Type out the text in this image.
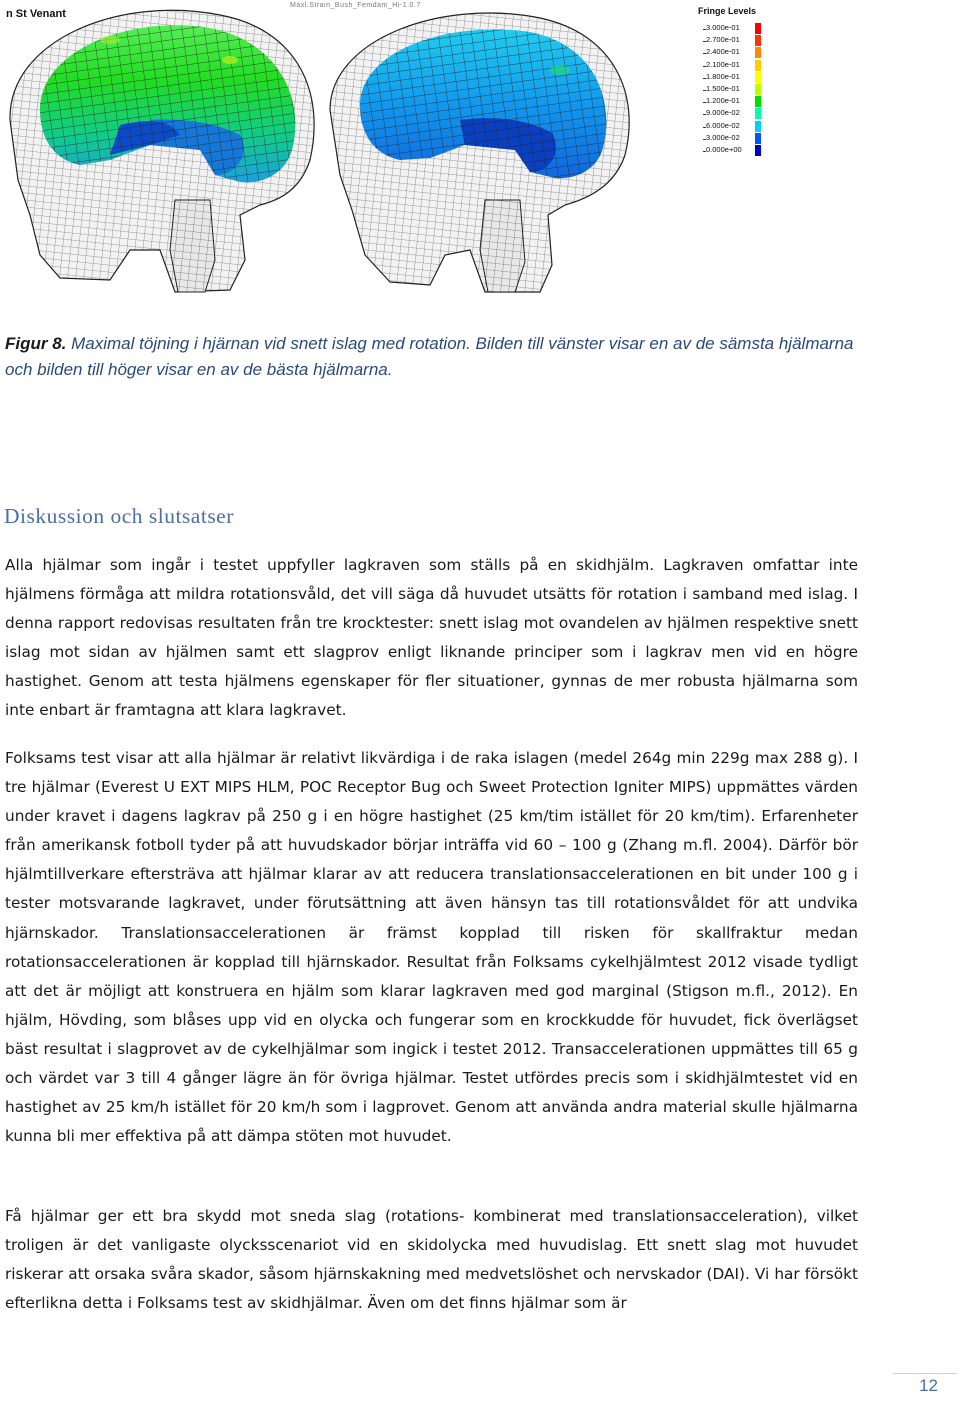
n St Venant
Maxl.Strain_Bush_Femdam_Hi-1.0.7
Fringe Levels
3.000e-01
2.700e-01
2.400e-01
2.100e-01
1.800e-01
1.500e-01
1.200e-01
9.000e-02
6.000e-02
3.000e-02
0.000e+00
Figur 8. Maximal töjning i hjärnan vid snett islag med rotation. Bilden till vänster visar en av de sämsta hjälmarna och bilden till höger visar en av de bästa hjälmarna.
Diskussion och slutsatser
Alla hjälmar som ingår i testet uppfyller lagkraven som ställs på en skidhjälm. Lagkraven omfattar inte hjälmens förmåga att mildra rotationsvåld, det vill säga då huvudet utsätts för rotation i samband med islag. I denna rapport redovisas resultaten från tre krocktester: snett islag mot ovandelen av hjälmen respektive snett islag mot sidan av hjälmen samt ett slagprov enligt liknande principer som i lagkrav men vid en högre hastighet. Genom att testa hjälmens egenskaper för fler situationer, gynnas de mer robusta hjälmarna som inte enbart är framtagna att klara lagkravet.
Folksams test visar att alla hjälmar är relativt likvärdiga i de raka islagen (medel 264g min 229g max 288 g). I tre hjälmar (Everest U EXT MIPS HLM, POC Receptor Bug och Sweet Protection Igniter MIPS) uppmättes värden under kravet i dagens lagkrav på 250 g i en högre hastighet (25 km/tim istället för 20 km/tim). Erfarenheter från amerikansk fotboll tyder på att huvudskador börjar inträffa vid 60 – 100 g (Zhang m.fl. 2004). Därför bör hjälmtillverkare eftersträva att hjälmar klarar av att reducera translationsaccelerationen en bit under 100 g i tester motsvarande lagkravet, under förutsättning att även hänsyn tas till rotationsvåldet för att undvika hjärnskador. Translationsaccelerationen är främst kopplad till risken för skallfraktur medan rotationsaccelerationen är kopplad till hjärnskador. Resultat från Folksams cykelhjälmtest 2012 visade tydligt att det är möjligt att konstruera en hjälm som klarar lagkraven med god marginal (Stigson m.fl., 2012). En hjälm, Hövding, som blåses upp vid en olycka och fungerar som en krockkudde för huvudet, fick överlägset bäst resultat i slagprovet av de cykelhjälmar som ingick i testet 2012. Transaccelerationen uppmättes till 65 g och värdet var 3 till 4 gånger lägre än för övriga hjälmar. Testet utfördes precis som i skidhjälmtestet vid en hastighet av 25 km/h istället för 20 km/h som i lagprovet. Genom att använda andra material skulle hjälmarna kunna bli mer effektiva på att dämpa stöten mot huvudet.
Få hjälmar ger ett bra skydd mot sneda slag (rotations- kombinerat med translationsacceleration), vilket troligen är det vanligaste olycksscenariot vid en skidolycka med huvudislag. Ett snett slag mot huvudet riskerar att orsaka svåra skador, såsom hjärnskakning med medvetslöshet och nervskador (DAI). Vi har försökt efterlikna detta i Folksams test av skidhjälmar. Även om det finns hjälmar som är
12
